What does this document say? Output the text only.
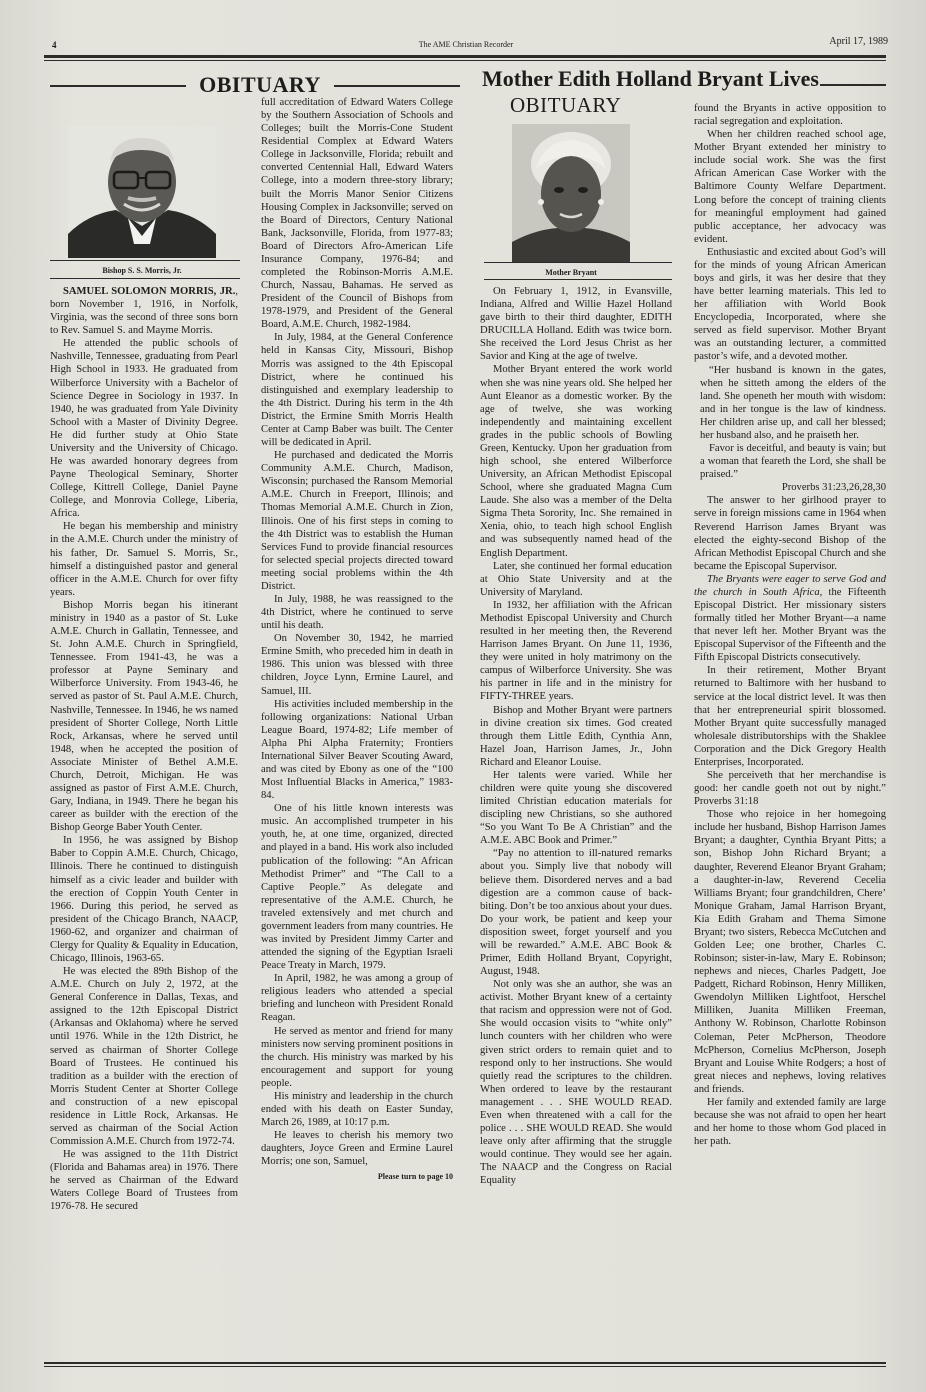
4	The AME Christian Recorder	April 17, 1989
OBITUARY	Mother Edith Holland Bryant Lives
OBITUARY
Bishop S. S. Morris, Jr.	Mother Bryant

SAMUEL SOLOMON MORRIS, JR., born November 1, 1916, in Norfolk, Virginia, was the second of three sons born to Rev. Samuel S. and Mayme Morris.

He attended the public schools of Nashville, Tennessee, graduating from Pearl High School in 1933. He graduated from Wilberforce University with a Bachelor of Science Degree in Sociology in 1937. In 1940, he was graduated from Yale Divinity School with a Master of Divinity Degree. He did further study at Ohio State University and the University of Chicago. He was awarded honorary degrees from Payne Theological Seminary, Shorter College, Kittrell College, Daniel Payne College, and Monrovia College, Liberia, Africa.

He began his membership and ministry in the A.M.E. Church under the ministry of his father, Dr. Samuel S. Morris, Sr., himself a distinguished pastor and general officer in the A.M.E. Church for over fifty years.

Bishop Morris began his itinerant ministry in 1940 as a pastor of St. Luke A.M.E. Church in Gallatin, Tennessee, and St. John A.M.E. Church in Springfield, Tennessee. From 1941-43, he was a professor at Payne Seminary and Wilberforce University. From 1943-46, he served as pastor of St. Paul A.M.E. Church, Nashville, Tennessee. In 1946, he ws named president of Shorter College, North Little Rock, Arkansas, where he served until 1948, when he accepted the position of Associate Minister of Bethel A.M.E. Church, Detroit, Michigan. He was assigned as pastor of First A.M.E. Church, Gary, Indiana, in 1949. There he began his career as builder with the erection of the Bishop George Baber Youth Center.

In 1956, he was assigned by Bishop Baber to Coppin A.M.E. Church, Chicago, Illinois. There he continued to distinguish himself as a civic leader and builder with the erection of Coppin Youth Center in 1966. During this period, he served as president of the Chicago Branch, NAACP, 1960-62, and organizer and chairman of Clergy for Quality & Equality in Education, Chicago, Illinois, 1963-65.

He was elected the 89th Bishop of the A.M.E. Church on July 2, 1972, at the General Conference in Dallas, Texas, and assigned to the 12th Episcopal District (Arkansas and Oklahoma) where he served until 1976. While in the 12th District, he served as chairman of Shorter College Board of Trustees. He continued his tradition as a builder with the erection of Morris Student Center at Shorter College and construction of a new episcopal residence in Little Rock, Arkansas. He served as chairman of the Social Action Commission A.M.E. Church from 1972-74.

He was assigned to the 11th District (Florida and Bahamas area) in 1976. There he served as Chairman of the Edward Waters College Board of Trustees from 1976-78. He secured

full accreditation of Edward Waters College by the Southern Association of Schools and Colleges; built the Morris-Cone Student Residential Complex at Edward Waters College in Jacksonville, Florida; rebuilt and converted Centennial Hall, Edward Waters College, into a modern three-story library; built the Morris Manor Senior Citizens Housing Complex in Jacksonville; served on the Board of Directors, Century National Bank, Jacksonville, Florida, from 1977-83; Board of Directors Afro-American Life Insurance Company, 1976-84; and completed the Robinson-Morris A.M.E. Church, Nassau, Bahamas. He served as President of the Council of Bishops from 1978-1979, and President of the General Board, A.M.E. Church, 1982-1984.

In July, 1984, at the General Conference held in Kansas City, Missouri, Bishop Morris was assigned to the 4th Episcopal District, where he continued his distinguished and exemplary leadership to the 4th District. During his term in the 4th District, the Ermine Smith Morris Health Center at Camp Baber was built. The Center will be dedicated in April.

He purchased and dedicated the Morris Community A.M.E. Church, Madison, Wisconsin; purchased the Ransom Memorial A.M.E. Church in Freeport, Illinois; and Thomas Memorial A.M.E. Church in Zion, Illinois. One of his first steps in coming to the 4th District was to establish the Human Services Fund to provide financial resources for selected special projects directed toward meeting social problems within the 4th District.

In July, 1988, he was reassigned to the 4th District, where he continued to serve until his death.

On November 30, 1942, he married Ermine Smith, who preceded him in death in 1986. This union was blessed with three children, Joyce Lynn, Ermine Laurel, and Samuel, III.

His activities included membership in the following organizations: National Urban League Board, 1974-82; Life member of Alpha Phi Alpha Fraternity; Frontiers International Silver Beaver Scouting Award, and was cited by Ebony as one of the “100 Most Influential Blacks in America,” 1983-84.

One of his little known interests was music. An accomplished trumpeter in his youth, he, at one time, organized, directed and played in a band. His work also included publication of the following: “An African Methodist Primer” and “The Call to a Captive People.” As delegate and representative of the A.M.E. Church, he traveled extensively and met church and government leaders from many countries. He was invited by President Jimmy Carter and attended the signing of the Egyptian Israeli Peace Treaty in March, 1979.

In April, 1982, he was among a group of religious leaders who attended a special briefing and luncheon with President Ronald Reagan.

He served as mentor and friend for many ministers now serving prominent positions in the church. His ministry was marked by his encouragement and support for young people.

His ministry and leadership in the church ended with his death on Easter Sunday, March 26, 1989, at 10:17 p.m.

He leaves to cherish his memory two daughters, Joyce Green and Ermine Laurel Morris; one son, Samuel,

Please turn to page 10

On February 1, 1912, in Evansville, Indiana, Alfred and Willie Hazel Holland gave birth to their third daughter, EDITH DRUCILLA Holland. Edith was twice born. She received the Lord Jesus Christ as her Savior and King at the age of twelve.

Mother Bryant entered the work world when she was nine years old. She helped her Aunt Eleanor as a domestic worker. By the age of twelve, she was working independently and maintaining excellent grades in the public schools of Bowling Green, Kentucky. Upon her graduation from high school, she entered Wilberforce University, an African Methodist Episcopal School, where she graduated Magna Cum Laude. She also was a member of the Delta Sigma Theta Sorority, Inc. She remained in Xenia, ohio, to teach high school English and was subsequently named head of the English Department.

Later, she continued her formal education at Ohio State University and at the University of Maryland.

In 1932, her affiliation with the African Methodist Episcopal University and Church resulted in her meeting then, the Reverend Harrison James Bryant. On June 11, 1936, they were united in holy matrimony on the campus of Wilberforce University. She was his partner in life and in the ministry for FIFTY-THREE years.

Bishop and Mother Bryant were partners in divine creation six times. God created through them Little Edith, Cynthia Ann, Hazel Joan, Harrison James, Jr., John Richard and Eleanor Louise.

Her talents were varied. While her children were quite young she discovered limited Christian education materials for discipling new Christians, so she authored “So you Want To Be A Christian” and the A.M.E. ABC Book and Primer.”

“Pay no attention to ill-natured remarks about you. Simply live that nobody will believe them. Disordered nerves and a bad digestion are a common cause of back-biting. Don’t be too anxious about your dues. Do your work, be patient and keep your disposition sweet, forget yourself and you will be rewarded.” A.M.E. ABC Book & Primer, Edith Holland Bryant, Copyright, August, 1948.

Not only was she an author, she was an activist. Mother Bryant knew of a certainty that racism and oppression were not of God. She would occasion visits to “white only” lunch counters with her children who were given strict orders to remain quiet and to respond only to her instructions. She would quietly read the scriptures to the children. When ordered to leave by the restaurant management . . . SHE WOULD READ. Even when threatened with a call for the police . . . SHE WOULD READ. She would leave only after affirming that the struggle would continue. They would see her again. The NAACP and the Congress on Racial Equality

found the Bryants in active opposition to racial segregation and exploitation.

When her children reached school age, Mother Bryant extended her ministry to include social work. She was the first African American Case Worker with the Baltimore County Welfare Department. Long before the concept of training clients for meaningful employment had gained public acceptance, her advocacy was evident.

Enthusiastic and excited about God’s will for the minds of young African American boys and girls, it was her desire that they have better learning materials. This led to her affiliation with World Book Encyclopedia, Incorporated, where she served as field supervisor. Mother Bryant was an outstanding lecturer, a committed pastor’s wife, and a devoted mother.

“Her husband is known in the gates, when he sitteth among the elders of the land. She openeth her mouth with wisdom: and in her tongue is the law of kindness. Her children arise up, and call her blessed; her husband also, and he praiseth her.

Favor is deceitful, and beauty is vain; but a woman that feareth the Lord, she shall be praised.”

Proverbs 31:23,26,28,30

The answer to her girlhood prayer to serve in foreign missions came in 1964 when Reverend Harrison James Bryant was elected the eighty-second Bishop of the African Methodist Episcopal Church and she became the Episcopal Supervisor.

The Bryants were eager to serve God and the church in South Africa, the Fifteenth Episcopal District. Her missionary sisters formally titled her Mother Bryant—a name that never left her. Mother Bryant was the Episcopal Supervisor of the Fifteenth and the Fifth Episcopal Districts consecutively.

In their retirement, Mother Bryant returned to Baltimore with her husband to service at the local district level. It was then that her entrepreneurial spirit blossomed. Mother Bryant quite successfully managed wholesale distributorships with the Shaklee Corporation and the Dick Gregory Health Enterprises, Incorporated.

She perceiveth that her merchandise is good: her candle goeth not out by night.” Proverbs 31:18

Those who rejoice in her homegoing include her husband, Bishop Harrison James Bryant; a daughter, Cynthia Bryant Pitts; a son, Bishop John Richard Bryant; a daughter, Reverend Eleanor Bryant Graham; a daughter-in-law, Reverend Cecelia Williams Bryant; four grandchildren, Chere’ Monique Graham, Jamal Harrison Bryant, Kia Edith Graham and Thema Simone Bryant; two sisters, Rebecca McCutchen and Golden Lee; one brother, Charles C. Robinson; sister-in-law, Mary E. Robinson; nephews and nieces, Charles Padgett, Joe Padgett, Richard Robinson, Henry Milliken, Gwendolyn Milliken Lightfoot, Herschel Milliken, Juanita Milliken Freeman, Anthony W. Robinson, Charlotte Robinson Coleman, Peter McPherson, Theodore McPherson, Cornelius McPherson, Joseph Bryant and Louise White Rodgers; a host of great nieces and nephews, loving relatives and friends.

Her family and extended family are large because she was not afraid to open her heart and her home to those whom God placed in her path.
